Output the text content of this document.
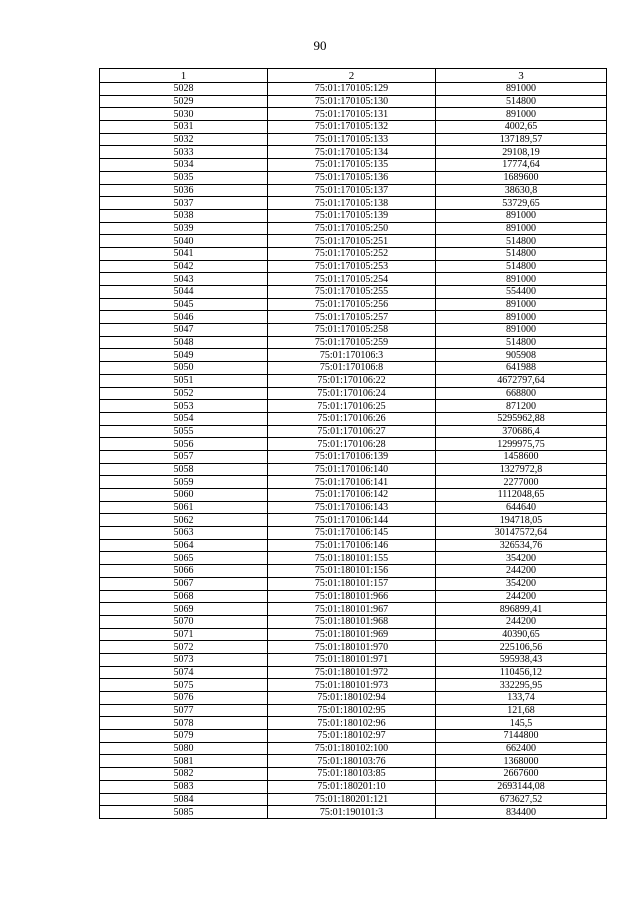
90
1	2	3
5028	75:01:170105:129	891000
5029	75:01:170105:130	514800
5030	75:01:170105:131	891000
5031	75:01:170105:132	4002,65
5032	75:01:170105:133	137189,57
5033	75:01:170105:134	29108,19
5034	75:01:170105:135	17774,64
5035	75:01:170105:136	1689600
5036	75:01:170105:137	38630,8
5037	75:01:170105:138	53729,65
5038	75:01:170105:139	891000
5039	75:01:170105:250	891000
5040	75:01:170105:251	514800
5041	75:01:170105:252	514800
5042	75:01:170105:253	514800
5043	75:01:170105:254	891000
5044	75:01:170105:255	554400
5045	75:01:170105:256	891000
5046	75:01:170105:257	891000
5047	75:01:170105:258	891000
5048	75:01:170105:259	514800
5049	75:01:170106:3	905908
5050	75:01:170106:8	641988
5051	75:01:170106:22	4672797,64
5052	75:01:170106:24	668800
5053	75:01:170106:25	871200
5054	75:01:170106:26	5295962,88
5055	75:01:170106:27	370686,4
5056	75:01:170106:28	1299975,75
5057	75:01:170106:139	1458600
5058	75:01:170106:140	1327972,8
5059	75:01:170106:141	2277000
5060	75:01:170106:142	1112048,65
5061	75:01:170106:143	644640
5062	75:01:170106:144	194718,05
5063	75:01:170106:145	30147572,64
5064	75:01:170106:146	326534,76
5065	75:01:180101:155	354200
5066	75:01:180101:156	244200
5067	75:01:180101:157	354200
5068	75:01:180101:966	244200
5069	75:01:180101:967	896899,41
5070	75:01:180101:968	244200
5071	75:01:180101:969	40390,65
5072	75:01:180101:970	225106,56
5073	75:01:180101:971	595938,43
5074	75:01:180101:972	110456,12
5075	75:01:180101:973	332295,95
5076	75:01:180102:94	133,74
5077	75:01:180102:95	121,68
5078	75:01:180102:96	145,5
5079	75:01:180102:97	7144800
5080	75:01:180102:100	662400
5081	75:01:180103:76	1368000
5082	75:01:180103:85	2667600
5083	75:01:180201:10	2693144,08
5084	75:01:180201:121	673627,52
5085	75:01:190101:3	834400
